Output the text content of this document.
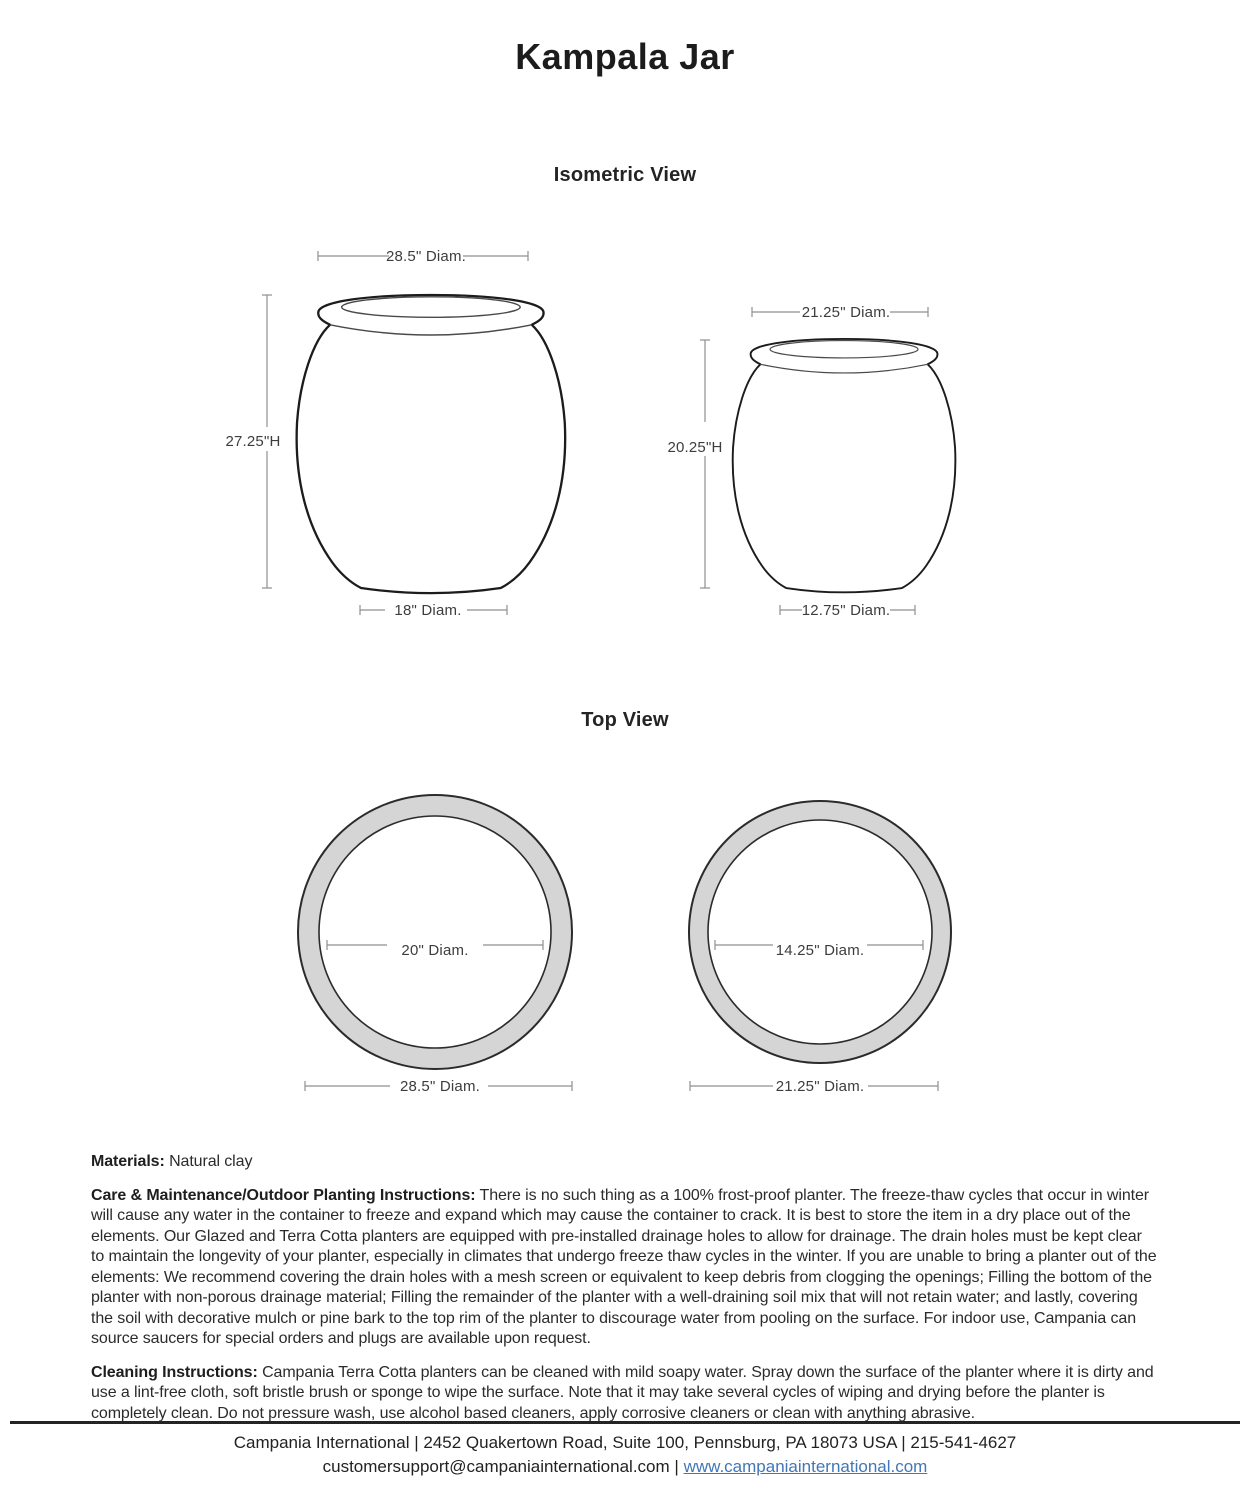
Kampala Jar
Isometric View
28.5" Diam.
27.25"H
18" Diam.
21.25" Diam.
20.25"H
12.75" Diam.
Top View
20" Diam.
28.5" Diam.
14.25" Diam.
21.25" Diam.

Materials: Natural clay

Care & Maintenance/Outdoor Planting Instructions: There is no such thing as a 100% frost-proof planter. The freeze-thaw cycles that occur in winter will cause any water in the container to freeze and expand which may cause the container to crack. It is best to store the item in a dry place out of the elements. Our Glazed and Terra Cotta planters are equipped with pre-installed drainage holes to allow for drainage. The drain holes must be kept clear to maintain the longevity of your planter, especially in climates that undergo freeze thaw cycles in the winter. If you are unable to bring a planter out of the elements: We recommend covering the drain holes with a mesh screen or equivalent to keep debris from clogging the openings; Filling the bottom of the planter with non-porous drainage material; Filling the remainder of the planter with a well-draining soil mix that will not retain water; and lastly, covering the soil with decorative mulch or pine bark to the top rim of the planter to discourage water from pooling on the surface. For indoor use, Campania can source saucers for special orders and plugs are available upon request.

Cleaning Instructions: Campania Terra Cotta planters can be cleaned with mild soapy water. Spray down the surface of the planter where it is dirty and use a lint-free cloth, soft bristle brush or sponge to wipe the surface. Note that it may take several cycles of wiping and drying before the planter is completely clean. Do not pressure wash, use alcohol based cleaners, apply corrosive cleaners or clean with anything abrasive.

Campania International | 2452 Quakertown Road, Suite 100, Pennsburg, PA 18073 USA | 215-541-4627
customersupport@campaniainternational.com | www.campaniainternational.com
